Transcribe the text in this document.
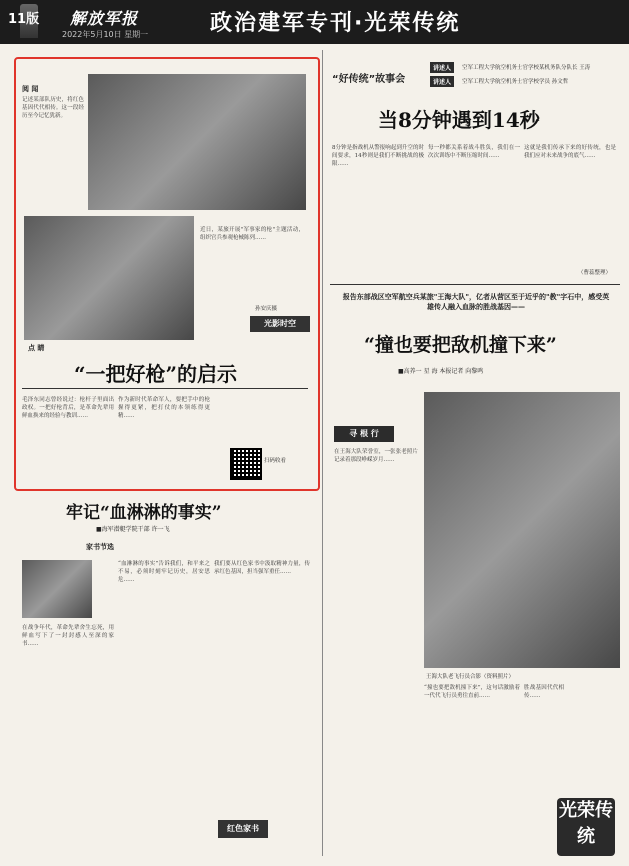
11版 解放军报
2022年5月10日 星期一	政治建军专刊·光荣传统
阅 闻
记述某部队历史，将红色基因代代相传。这一段经历至今记忆犹新。
近日，某旅开展"军事家的枪"主题活动，组织官兵参观枪械陈列……
孙安庆摄
光影时空
点 睛
“一把好枪”的启示
毛泽东同志曾经说过：枪杆子里面出政权。一把好枪背后，是革命先辈用鲜血换来的经验与教训……
作为新时代革命军人，要把手中的枪握得更紧，把打仗的本领练得更精……
扫码收看
牢记“血淋淋的事实”
■海军潜艇学院干部 许一飞
家书节选
在战争年代，革命先辈舍生忘死，用鲜血写下了一封封感人至深的家书……
“血淋淋的事实”告诉我们，和平来之不易，必须时刻牢记历史，居安思危……
我们要从红色家书中汲取精神力量，传承红色基因，担当强军重任……
红色家书
“好传统”故事会
讲述人	空军工程大学航空机务士官学校某机务队分队长 王涛
讲述人	空军工程大学航空机务士官学校学员 孙文哲
当8分钟遇到14秒
8分钟是指战机从警报响起到升空的时间要求，14秒则是我们不断挑战的极限……
每一秒都关系着战斗胜负，我们在一次次训练中不断压缩时间……
这就是我们传承下来的好传统，也是我们应对未来战争的底气……
（曹蕊整理）
报告东部战区空军航空兵某旅"王海大队"，亿者从营区至于近乎的"教"字石中，感受英雄传人融入血脉的胜战基因——
“撞也要把敌机撞下来”
■高养一 星 海 本报记者 向黎鸣
寻 根 行
在王海大队荣誉室，一张张老照片记录着那段峥嵘岁月……
王海大队老飞行员合影（资料照片）
“撞也要把敌机撞下来”，这句话激励着一代代飞行员勇往直前……
胜战基因代代相传……
光荣传统
